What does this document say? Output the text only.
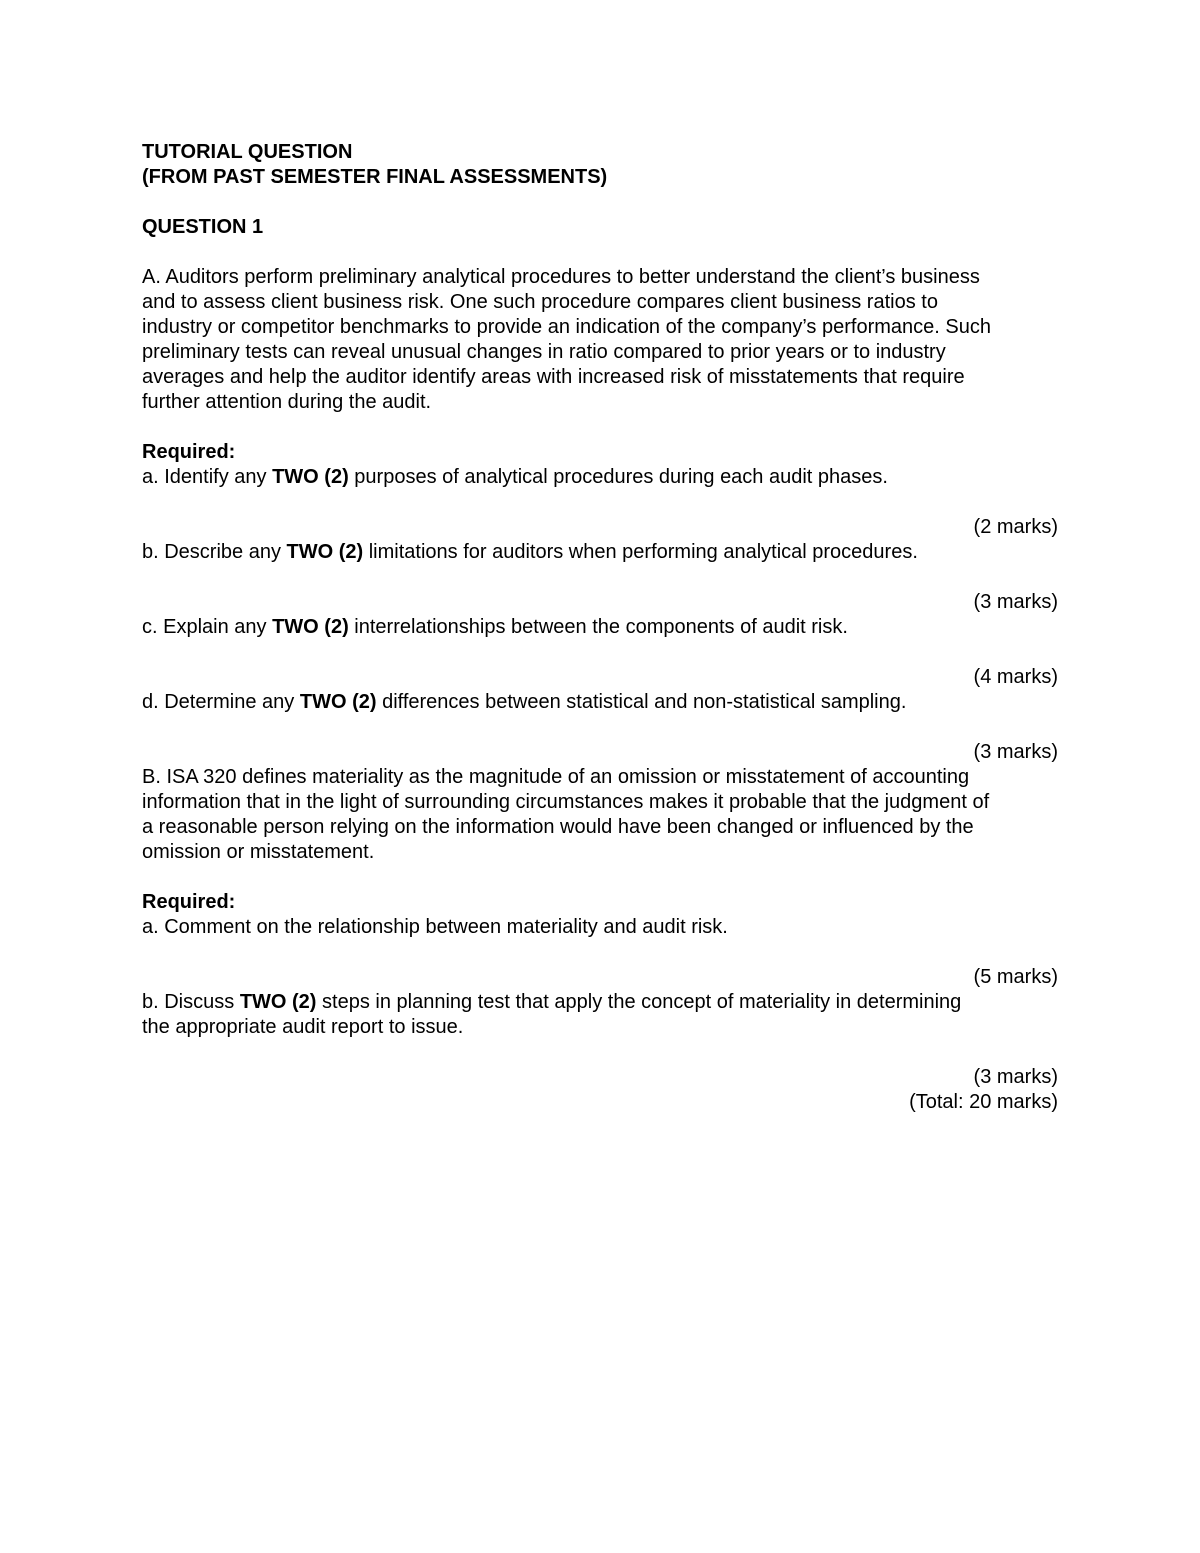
TUTORIAL QUESTION
(FROM PAST SEMESTER FINAL ASSESSMENTS)
QUESTION 1
A. Auditors perform preliminary analytical procedures to better understand the client’s business
and to assess client business risk. One such procedure compares client business ratios to
industry or competitor benchmarks to provide an indication of the company’s performance. Such
preliminary tests can reveal unusual changes in ratio compared to prior years or to industry
averages and help the auditor identify areas with increased risk of misstatements that require
further attention during the audit.
Required:
a. Identify any TWO (2) purposes of analytical procedures during each audit phases.
(2 marks)
b. Describe any TWO (2) limitations for auditors when performing analytical procedures.
(3 marks)
c. Explain any TWO (2) interrelationships between the components of audit risk.
(4 marks)
d. Determine any TWO (2) differences between statistical and non-statistical sampling.
(3 marks)
B. ISA 320 defines materiality as the magnitude of an omission or misstatement of accounting
information that in the light of surrounding circumstances makes it probable that the judgment of
a reasonable person relying on the information would have been changed or influenced by the
omission or misstatement.
Required:
a. Comment on the relationship between materiality and audit risk.
(5 marks)
b. Discuss TWO (2) steps in planning test that apply the concept of materiality in determining
the appropriate audit report to issue.
(3 marks)
(Total: 20 marks)
